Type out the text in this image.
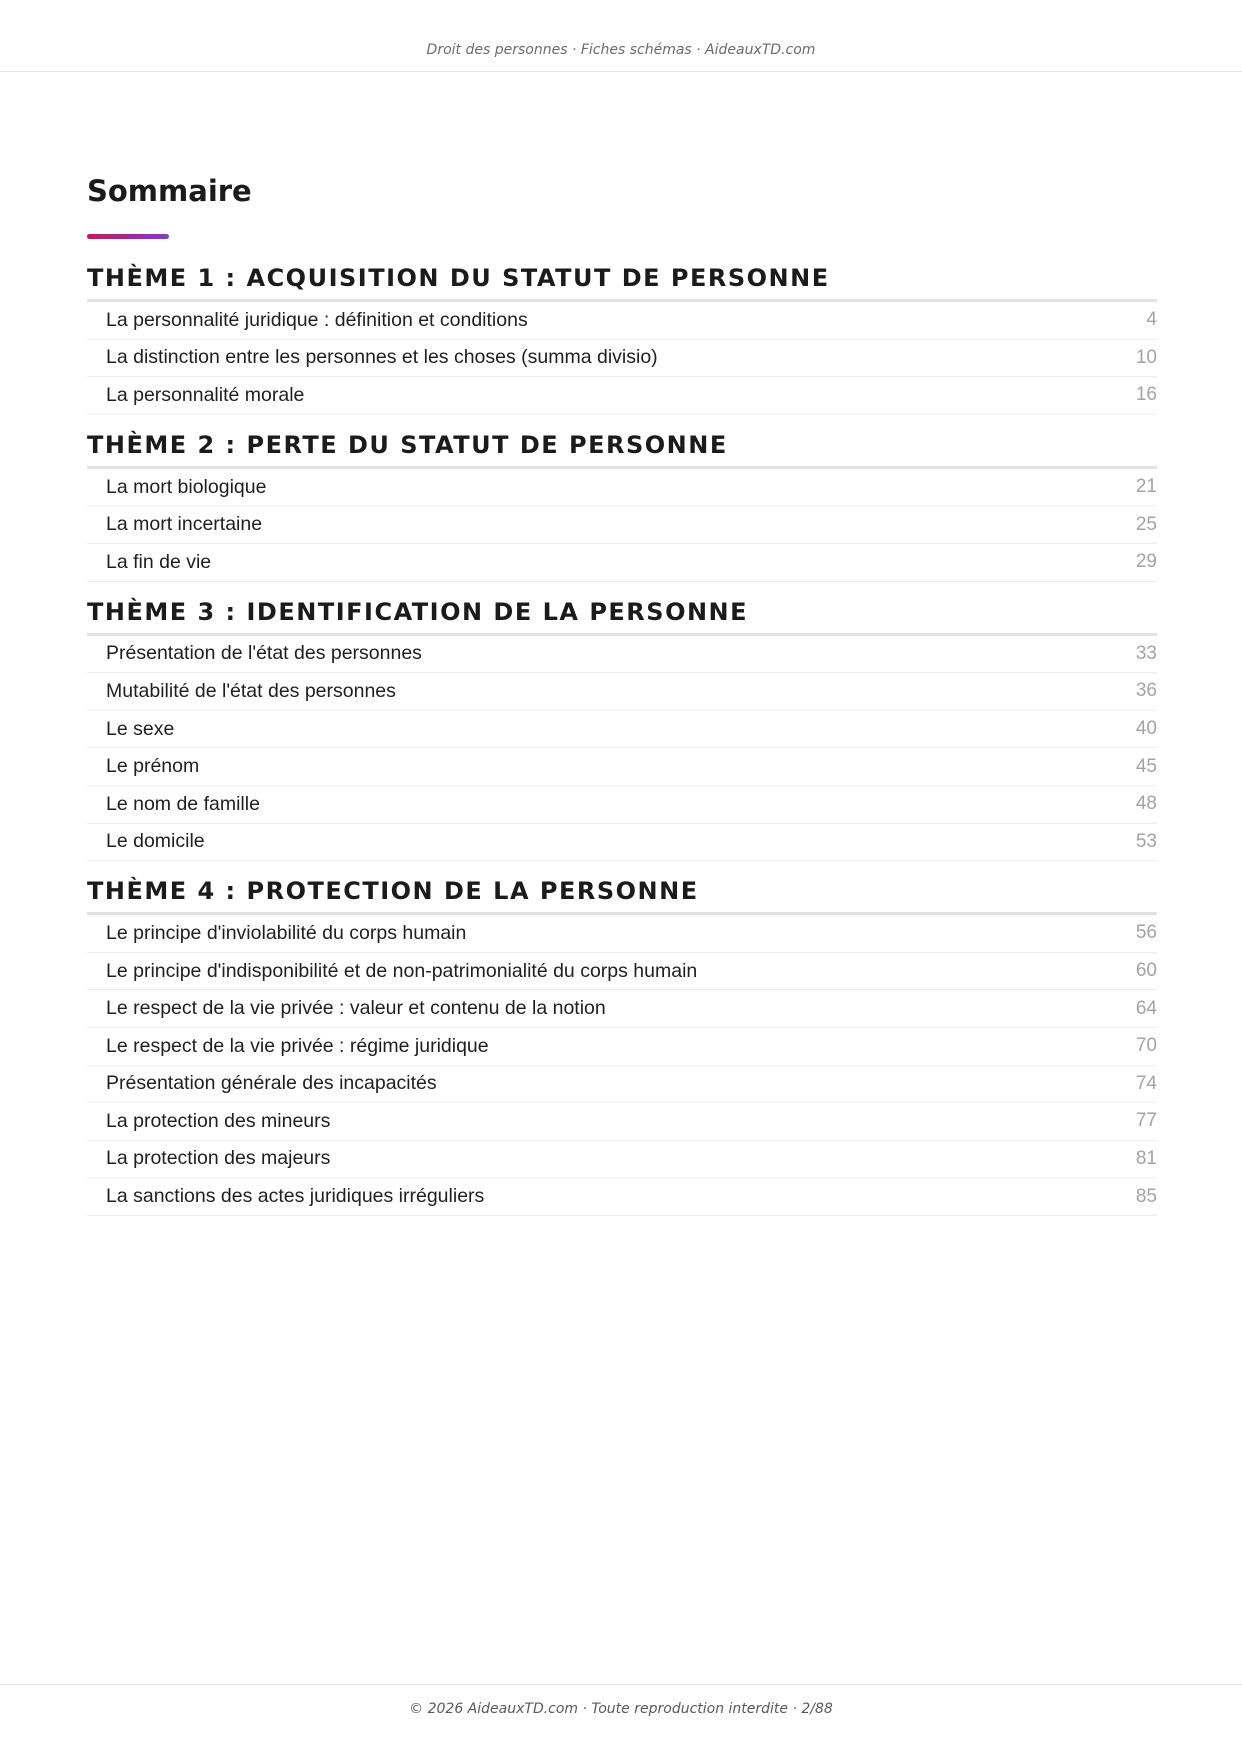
Droit des personnes · Fiches schémas · AideauxTD.com
Sommaire
THÈME 1 : ACQUISITION DU STATUT DE PERSONNE
La personnalité juridique : définition et conditions	4
La distinction entre les personnes et les choses (summa divisio)	10
La personnalité morale	16
THÈME 2 : PERTE DU STATUT DE PERSONNE
La mort biologique	21
La mort incertaine	25
La fin de vie	29
THÈME 3 : IDENTIFICATION DE LA PERSONNE
Présentation de l'état des personnes	33
Mutabilité de l'état des personnes	36
Le sexe	40
Le prénom	45
Le nom de famille	48
Le domicile	53
THÈME 4 : PROTECTION DE LA PERSONNE
Le principe d'inviolabilité du corps humain	56
Le principe d'indisponibilité et de non-patrimonialité du corps humain	60
Le respect de la vie privée : valeur et contenu de la notion	64
Le respect de la vie privée : régime juridique	70
Présentation générale des incapacités	74
La protection des mineurs	77
La protection des majeurs	81
La sanctions des actes juridiques irréguliers	85
© 2026 AideauxTD.com · Toute reproduction interdite · 2/88
